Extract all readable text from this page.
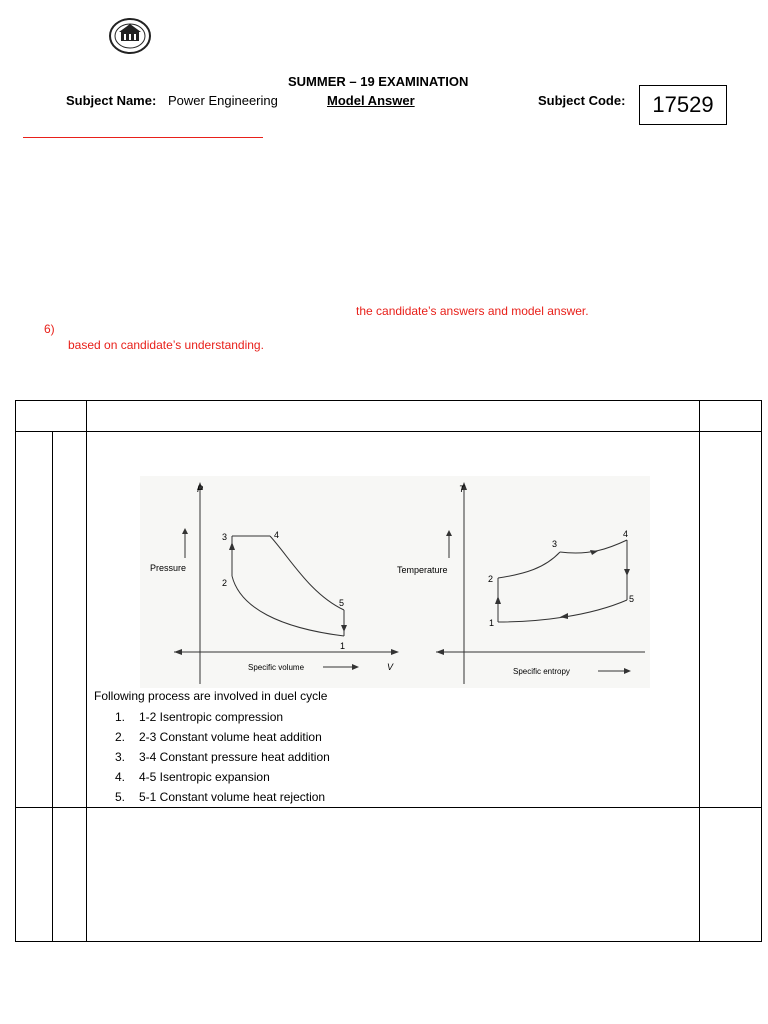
SUMMER – 19 EXAMINATION
Subject Name: Power Engineering	Model Answer	Subject Code: 17529
the candidate’s answers and model answer.
6)
based on candidate’s understanding.
P
V
Pressure
Specific volume
1
2
3	4
5
T
Temperature
Specific entropy
1
2
3
4
5
Following process are involved in duel cycle
1. 1-2 Isentropic compression
2. 2-3 Constant volume heat addition
3. 3-4 Constant pressure heat addition
4. 4-5 Isentropic expansion
5. 5-1 Constant volume heat rejection
